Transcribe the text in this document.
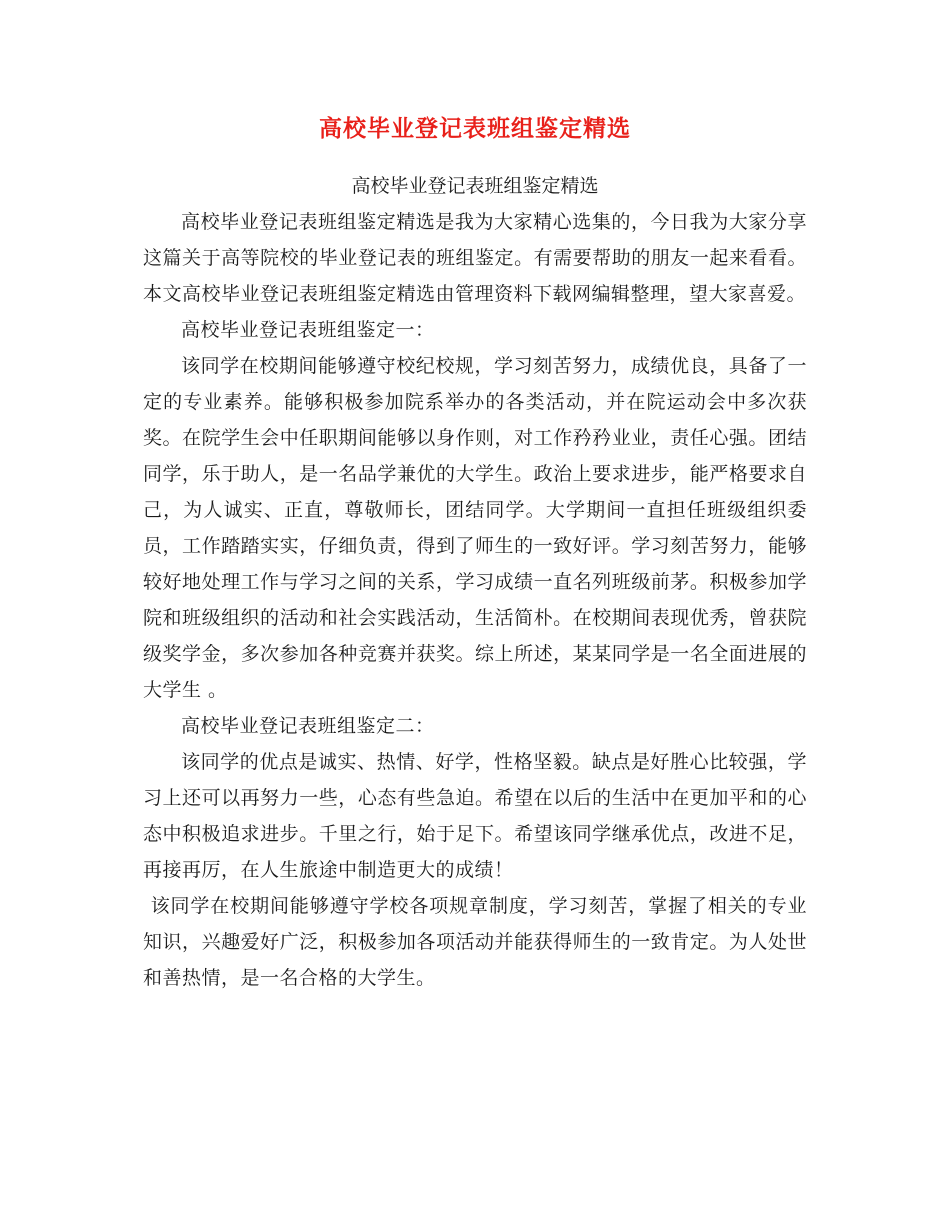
高校毕业登记表班组鉴定精选

高校毕业登记表班组鉴定精选

高校毕业登记表班组鉴定精选是我为大家精心选集的，今日我为大家分享这篇关于高等院校的毕业登记表的班组鉴定。有需要帮助的朋友一起来看看。本文高校毕业登记表班组鉴定精选由管理资料下载网编辑整理，望大家喜爱。

高校毕业登记表班组鉴定一：

该同学在校期间能够遵守校纪校规，学习刻苦努力，成绩优良，具备了一定的专业素养。能够积极参加院系举办的各类活动，并在院运动会中多次获奖。在院学生会中任职期间能够以身作则，对工作矜矜业业，责任心强。团结同学，乐于助人，是一名品学兼优的大学生。政治上要求进步，能严格要求自己，为人诚实、正直，尊敬师长，团结同学。大学期间一直担任班级组织委员，工作踏踏实实，仔细负责，得到了师生的一致好评。学习刻苦努力，能够较好地处理工作与学习之间的关系，学习成绩一直名列班级前茅。积极参加学院和班级组织的活动和社会实践活动，生活简朴。在校期间表现优秀，曾获院级奖学金，多次参加各种竞赛并获奖。综上所述，某某同学是一名全面进展的大学生 。

高校毕业登记表班组鉴定二：

该同学的优点是诚实、热情、好学，性格坚毅。缺点是好胜心比较强，学习上还可以再努力一些，心态有些急迫。希望在以后的生活中在更加平和的心态中积极追求进步。千里之行，始于足下。希望该同学继承优点，改进不足，再接再厉，在人生旅途中制造更大的成绩！

该同学在校期间能够遵守学校各项规章制度，学习刻苦，掌握了相关的专业知识，兴趣爱好广泛，积极参加各项活动并能获得师生的一致肯定。为人处世和善热情，是一名合格的大学生。
